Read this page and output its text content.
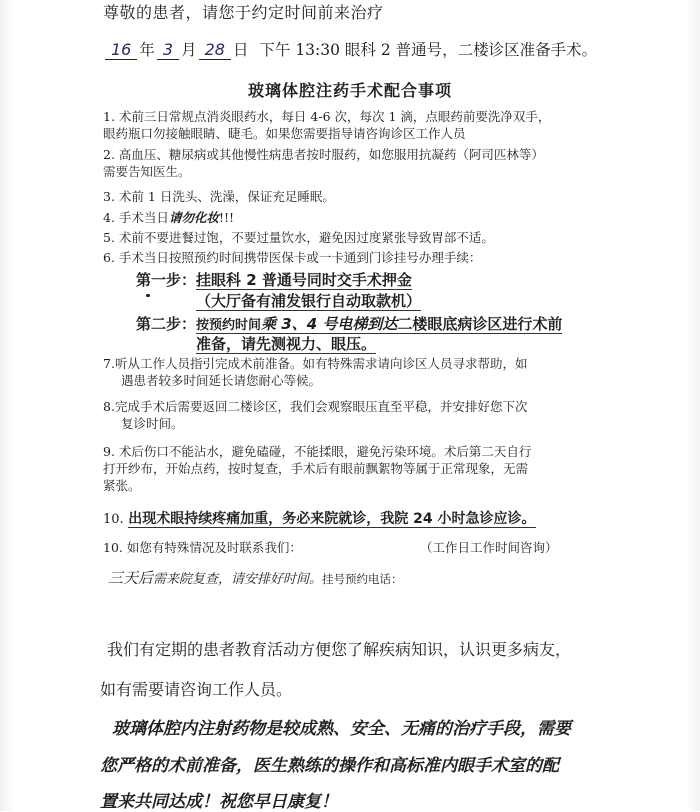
尊敬的患者，请您于约定时间前来治疗
16 年 3 月 28 日 下午 13:30 眼科 2 普通号，二楼诊区准备手术。
玻璃体腔注药手术配合事项
1. 术前三日常规点消炎眼药水，每日 4-6 次，每次 1 滴，点眼药前要洗净双手，
眼药瓶口勿接触眼睛、睫毛。如果您需要指导请咨询诊区工作人员
2. 高血压、糖尿病或其他慢性病患者按时服药，如您服用抗凝药（阿司匹林等）
需要告知医生。
3. 术前 1 日洗头、洗澡，保证充足睡眠。
4. 手术当日请勿化妆!!!
5. 术前不要进餐过饱，不要过量饮水，避免因过度紧张导致胃部不适。
6. 手术当日按照预约时间携带医保卡或一卡通到门诊挂号办理手续：
第一步：挂眼科 2 普通号同时交手术押金
（大厅备有浦发银行自动取款机）
第二步：按预约时间乘 3、4 号电梯到达二楼眼底病诊区进行术前
准备，请先测视力、眼压。
7.听从工作人员指引完成术前准备。如有特殊需求请向诊区人员寻求帮助，如
遇患者较多时间延长请您耐心等候。
8.完成手术后需要返回二楼诊区，我们会观察眼压直至平稳，并安排好您下次
复诊时间。
9. 术后伤口不能沾水，避免磕碰，不能揉眼，避免污染环境。术后第二天自行
打开纱布，开始点药，按时复查，手术后有眼前飘絮物等属于正常现象，无需
紧张。
10. 出现术眼持续疼痛加重，务必来院就诊，我院 24 小时急诊应诊。
10. 如您有特殊情况及时联系我们：	（工作日工作时间咨询）
三天后需来院复查，请安排好时间。挂号预约电话：
我们有定期的患者教育活动方便您了解疾病知识，认识更多病友，
如有需要请咨询工作人员。
玻璃体腔内注射药物是较成熟、安全、无痛的治疗手段，需要
您严格的术前准备，医生熟练的操作和高标准内眼手术室的配
置来共同达成！祝您早日康复！
